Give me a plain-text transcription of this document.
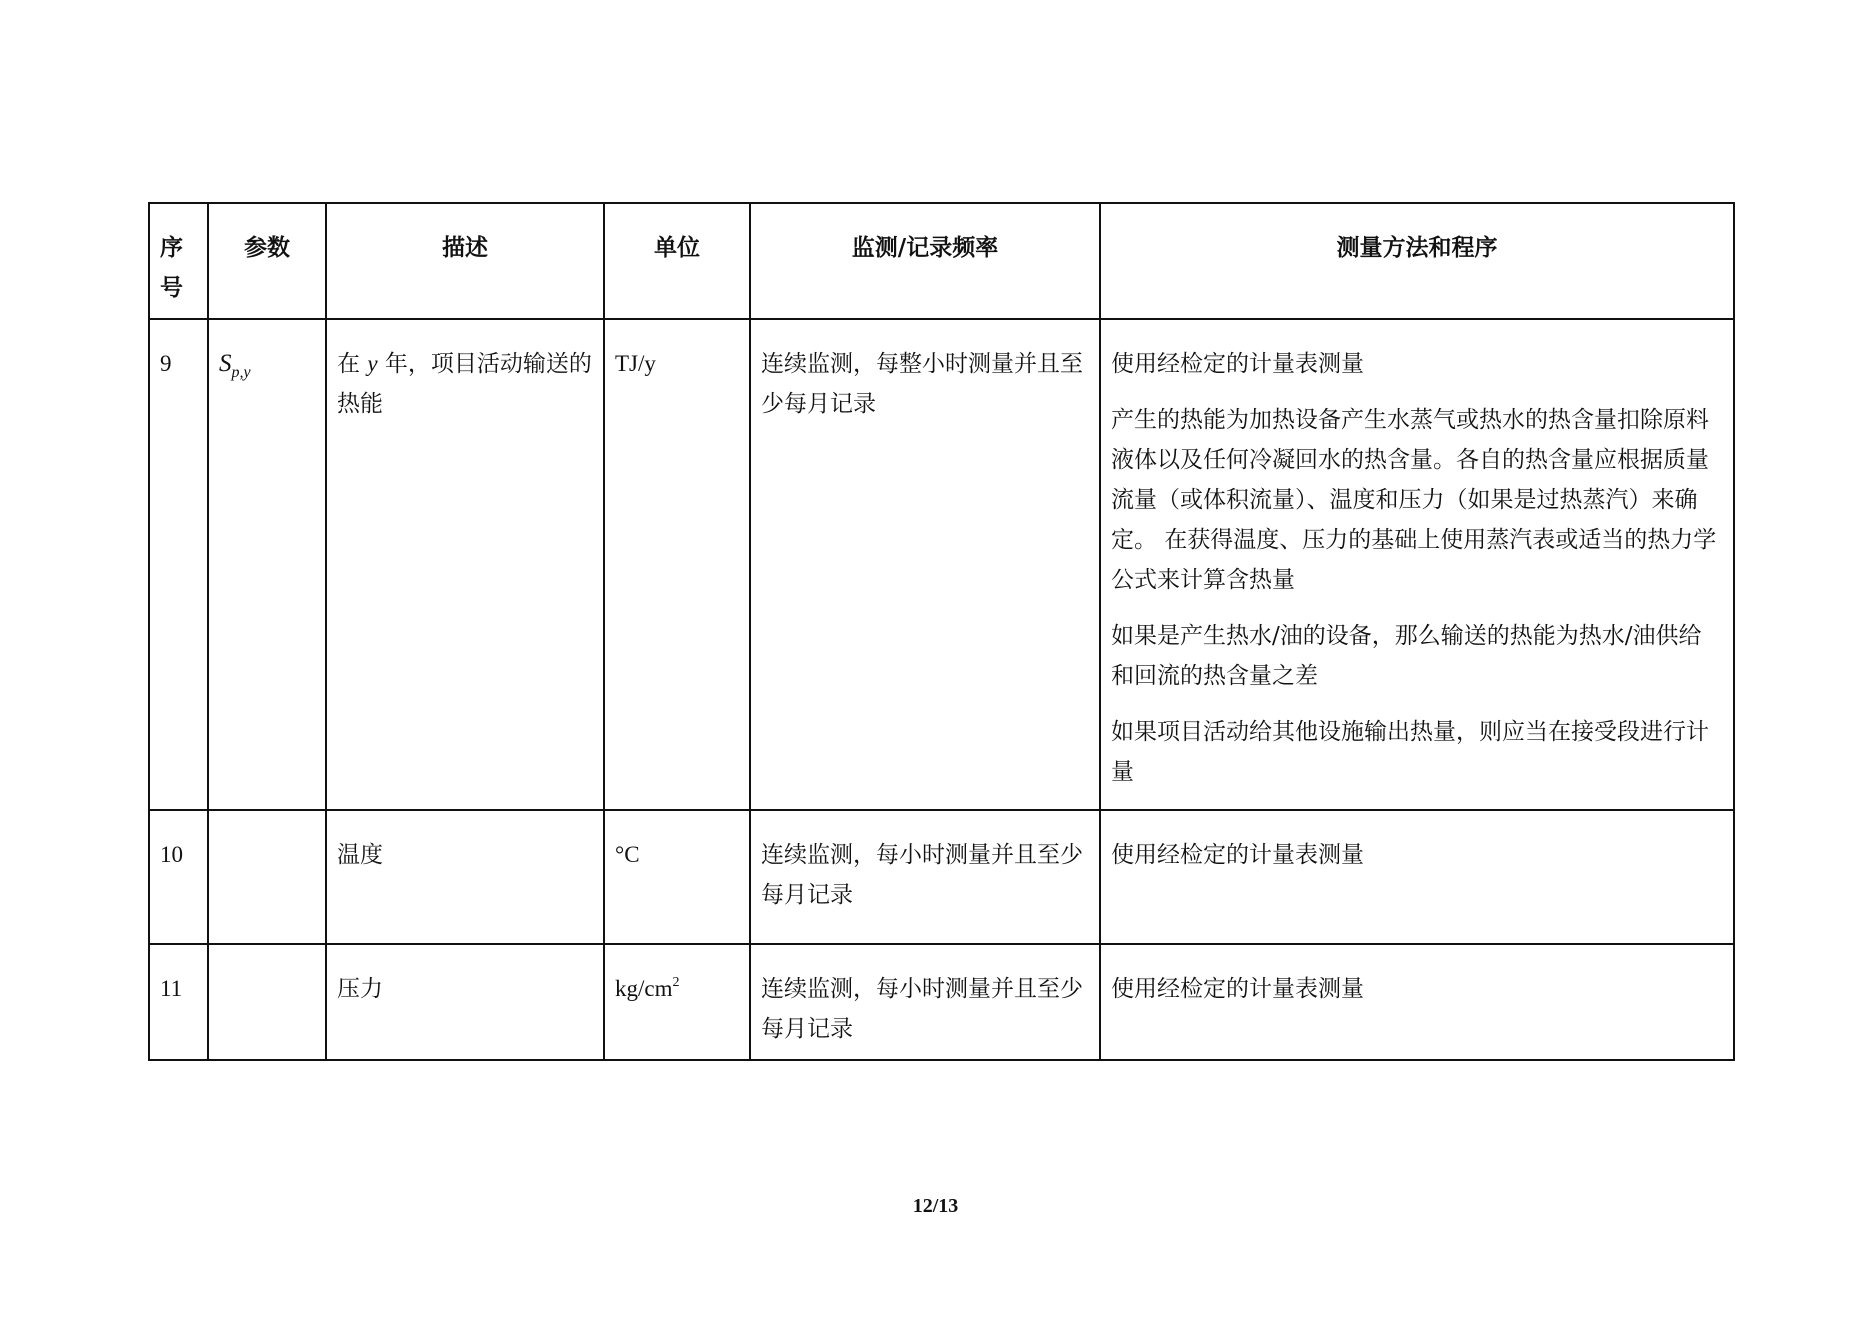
序号	参数	描述	单位	监测/记录频率	测量方法和程序
9	$S_{p,y}$	在 y 年，项目活动输送的热能	TJ/y	连续监测，每整小时测量并且至少每月记录	使用经检定的计量表测量

产生的热能为加热设备产生水蒸气或热水的热含量扣除原料液体以及任何冷凝回水的热含量。各自的热含量应根据质量流量（或体积流量）、温度和压力（如果是过热蒸汽）来确定。 在获得温度、压力的基础上使用蒸汽表或适当的热力学公式来计算含热量

如果是产生热水/油的设备，那么输送的热能为热水/油供给和回流的热含量之差

如果项目活动给其他设施输出热量，则应当在接受段进行计量

10		温度	°C	连续监测，每小时测量并且至少每月记录	使用经检定的计量表测量

11		压力	$kg/cm^2$	连续监测，每小时测量并且至少每月记录	使用经检定的计量表测量

12/13
